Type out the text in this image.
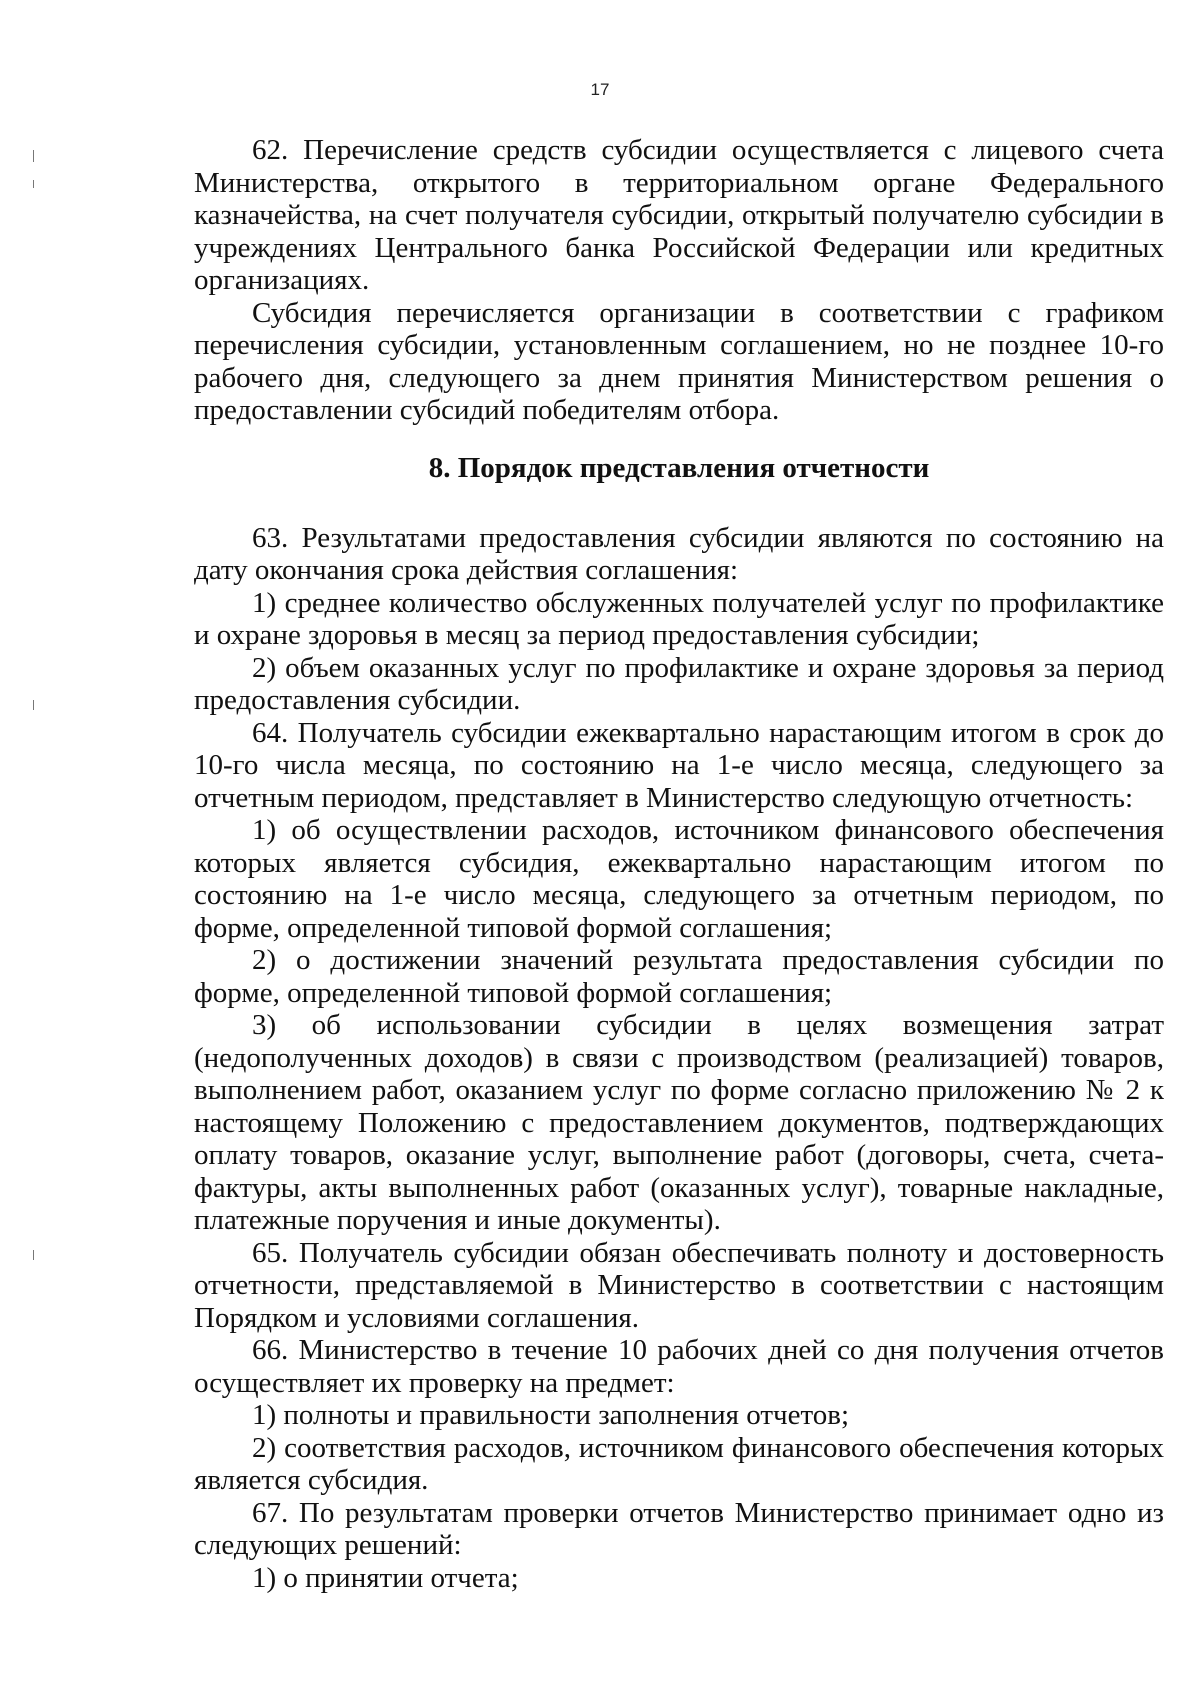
17

62. Перечисление средств субсидии осуществляется с лицевого счета Министерства, открытого в территориальном органе Федерального казначейства, на счет получателя субсидии, открытый получателю субсидии в учреждениях Центрального банка Российской Федерации или кредитных организациях.

Субсидия перечисляется организации в соответствии с графиком перечисления субсидии, установленным соглашением, но не позднее 10-го рабочего дня, следующего за днем принятия Министерством решения о предоставлении субсидий победителям отбора.

8. Порядок представления отчетности

63. Результатами предоставления субсидии являются по состоянию на дату окончания срока действия соглашения:

1) среднее количество обслуженных получателей услуг по профилактике и охране здоровья в месяц за период предоставления субсидии;

2) объем оказанных услуг по профилактике и охране здоровья за период предоставления субсидии.

64. Получатель субсидии ежеквартально нарастающим итогом в срок до 10-го числа месяца, по состоянию на 1-е число месяца, следующего за отчетным периодом, представляет в Министерство следующую отчетность:

1) об осуществлении расходов, источником финансового обеспечения которых является субсидия, ежеквартально нарастающим итогом по состоянию на 1-е число месяца, следующего за отчетным периодом, по форме, определенной типовой формой соглашения;

2) о достижении значений результата предоставления субсидии по форме, определенной типовой формой соглашения;

3) об использовании субсидии в целях возмещения затрат (недополученных доходов) в связи с производством (реализацией) товаров, выполнением работ, оказанием услуг по форме согласно приложению № 2 к настоящему Положению с предоставлением документов, подтверждающих оплату товаров, оказание услуг, выполнение работ (договоры, счета, счета-фактуры, акты выполненных работ (оказанных услуг), товарные накладные, платежные поручения и иные документы).

65. Получатель субсидии обязан обеспечивать полноту и достоверность отчетности, представляемой в Министерство в соответствии с настоящим Порядком и условиями соглашения.

66. Министерство в течение 10 рабочих дней со дня получения отчетов осуществляет их проверку на предмет:

1) полноты и правильности заполнения отчетов;

2) соответствия расходов, источником финансового обеспечения которых является субсидия.

67. По результатам проверки отчетов Министерство принимает одно из следующих решений:

1) о принятии отчета;
